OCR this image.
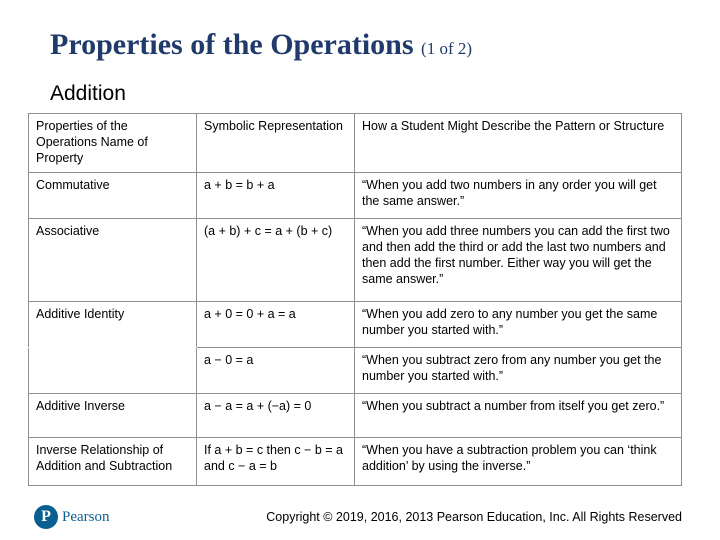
Properties of the Operations (1 of 2)
Addition
Properties of the Operations Name of Property	Symbolic Representation	How a Student Might Describe the Pattern or Structure
Commutative	a + b = b + a	“When you add two numbers in any order you will get the same answer.”
Associative	(a + b) + c = a + (b + c)	“When you add three numbers you can add the first two and then add the third or add the last two numbers and then add the first number. Either way you will get the same answer.”
Additive Identity	a + 0 = 0 + a = a	“When you add zero to any number you get the same number you started with.”
	a − 0 = a	“When you subtract zero from any number you get the number you started with.”
Additive Inverse	a − a = a + (−a) = 0	“When you subtract a number from itself you get zero.”
Inverse Relationship of Addition and Subtraction	If a + b = c then c − b = a and c − a = b	“When you have a subtraction problem you can ‘think addition’ by using the inverse.”
P Pearson	Copyright © 2019, 2016, 2013 Pearson Education, Inc. All Rights Reserved
